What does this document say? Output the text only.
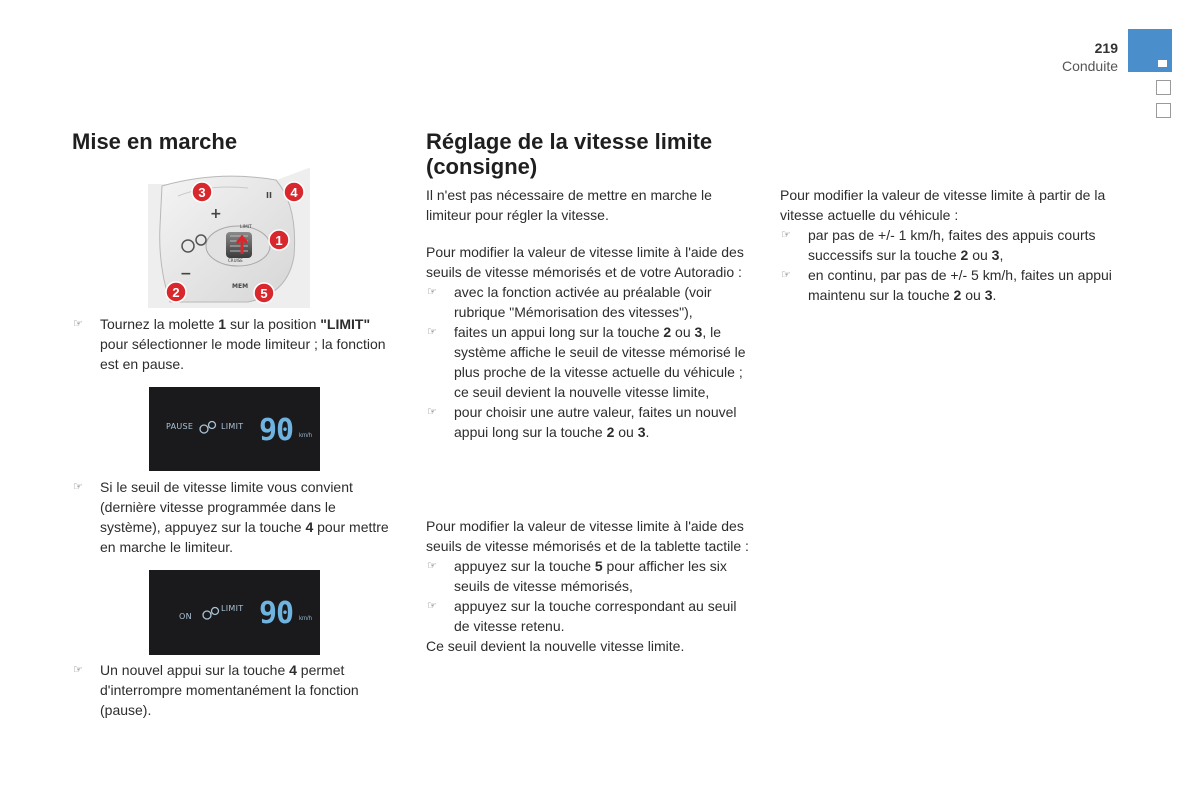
219
Conduite
Mise en marche
LIMIT
CRUISE
+
−
II
MEM
3	4
1
2	5

☞ Tournez la molette 1 sur la position "LIMIT" pour sélectionner le mode limiteur ; la fonction est en pause.

PAUSE	LIMIT 90 km/h

☞ Si le seuil de vitesse limite vous convient (dernière vitesse programmée dans le système), appuyez sur la touche 4 pour mettre en marche le limiteur.

ON
LIMIT 90 km/h

☞ Un nouvel appui sur la touche 4 permet d'interrompre momentanément la fonction (pause).

Réglage de la vitesse limite
(consigne)

Il n'est pas nécessaire de mettre en marche le limiteur pour régler la vitesse.

Pour modifier la valeur de vitesse limite à l'aide des seuils de vitesse mémorisés et de votre Autoradio :

☞ avec la fonction activée au préalable (voir rubrique "Mémorisation des vitesses"),

☞ faites un appui long sur la touche 2 ou 3, le système affiche le seuil de vitesse mémorisé le plus proche de la vitesse actuelle du véhicule ; ce seuil devient la nouvelle vitesse limite,

☞ pour choisir une autre valeur, faites un nouvel appui long sur la touche 2 ou 3.

Pour modifier la valeur de vitesse limite à l'aide des seuils de vitesse mémorisés et de la tablette tactile :

☞ appuyez sur la touche 5 pour afficher les six seuils de vitesse mémorisés,

☞ appuyez sur la touche correspondant au seuil de vitesse retenu.

Ce seuil devient la nouvelle vitesse limite.

Pour modifier la valeur de vitesse limite à partir de la vitesse actuelle du véhicule :

☞ par pas de +/- 1 km/h, faites des appuis courts successifs sur la touche 2 ou 3,

☞ en continu, par pas de +/- 5 km/h, faites un appui maintenu sur la touche 2 ou 3.
